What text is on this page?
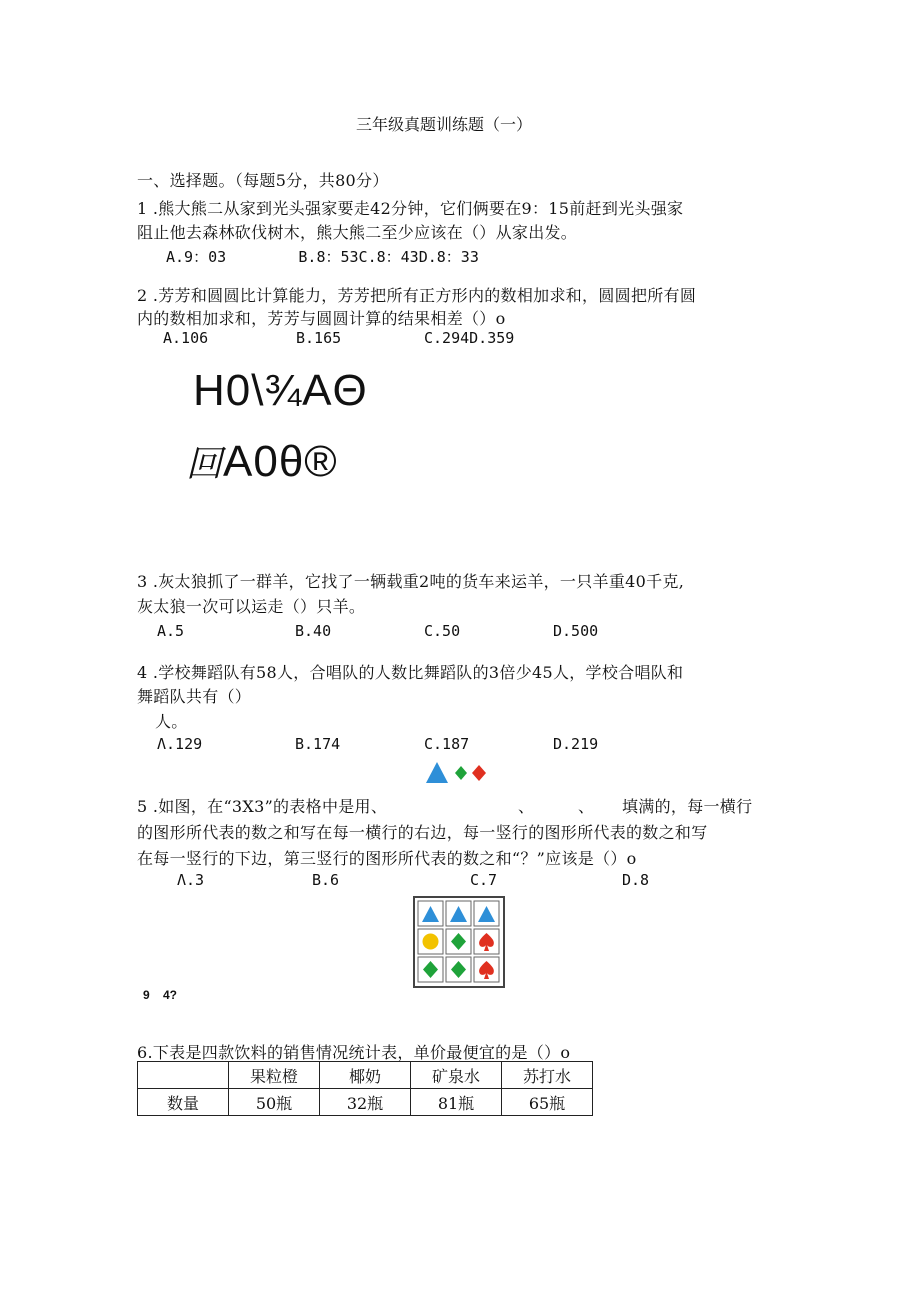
三年级真题训练题（一）
一、选择题。（每题5分，共80分）
1 .熊大熊二从家到光头强家要走42分钟，它们俩要在9：15前赶到光头强家
阻止他去森林砍伐树木，熊大熊二至少应该在（）从家出发。
A.9：03        B.8：53C.8：43D.8：33
2 .芳芳和圆圆比计算能力，芳芳把所有正方形内的数相加求和，圆圆把所有圆
内的数相加求和，芳芳与圆圆计算的结果相差（）o
A.106	B.165	C.294D.359
H0\¾AΘ
回A0θ®
3 .灰太狼抓了一群羊，它找了一辆载重2吨的货车来运羊，一只羊重40千克,
灰太狼一次可以运走（）只羊。
A.5	B.40	C.50	D.500
4 .学校舞蹈队有58人，合唱队的人数比舞蹈队的3倍少45人，学校合唱队和
舞蹈队共有（）
人。
Λ.129	B.174	C.187	D.219
5 .如图，在“3X3”的表格中是用、	、	、 填满的，每一横行
的图形所代表的数之和写在每一横行的右边，每一竖行的图形所代表的数之和写
在每一竖行的下边，第三竖行的图形所代表的数之和“？”应该是（）o
Λ.3	B.6	C.7	D.8
9    4?
6.下表是四款饮料的销售情况统计表，单价最便宜的是（）o
	果粒橙	椰奶	矿泉水	苏打水
数量	50瓶	32瓶	81瓶	65瓶
